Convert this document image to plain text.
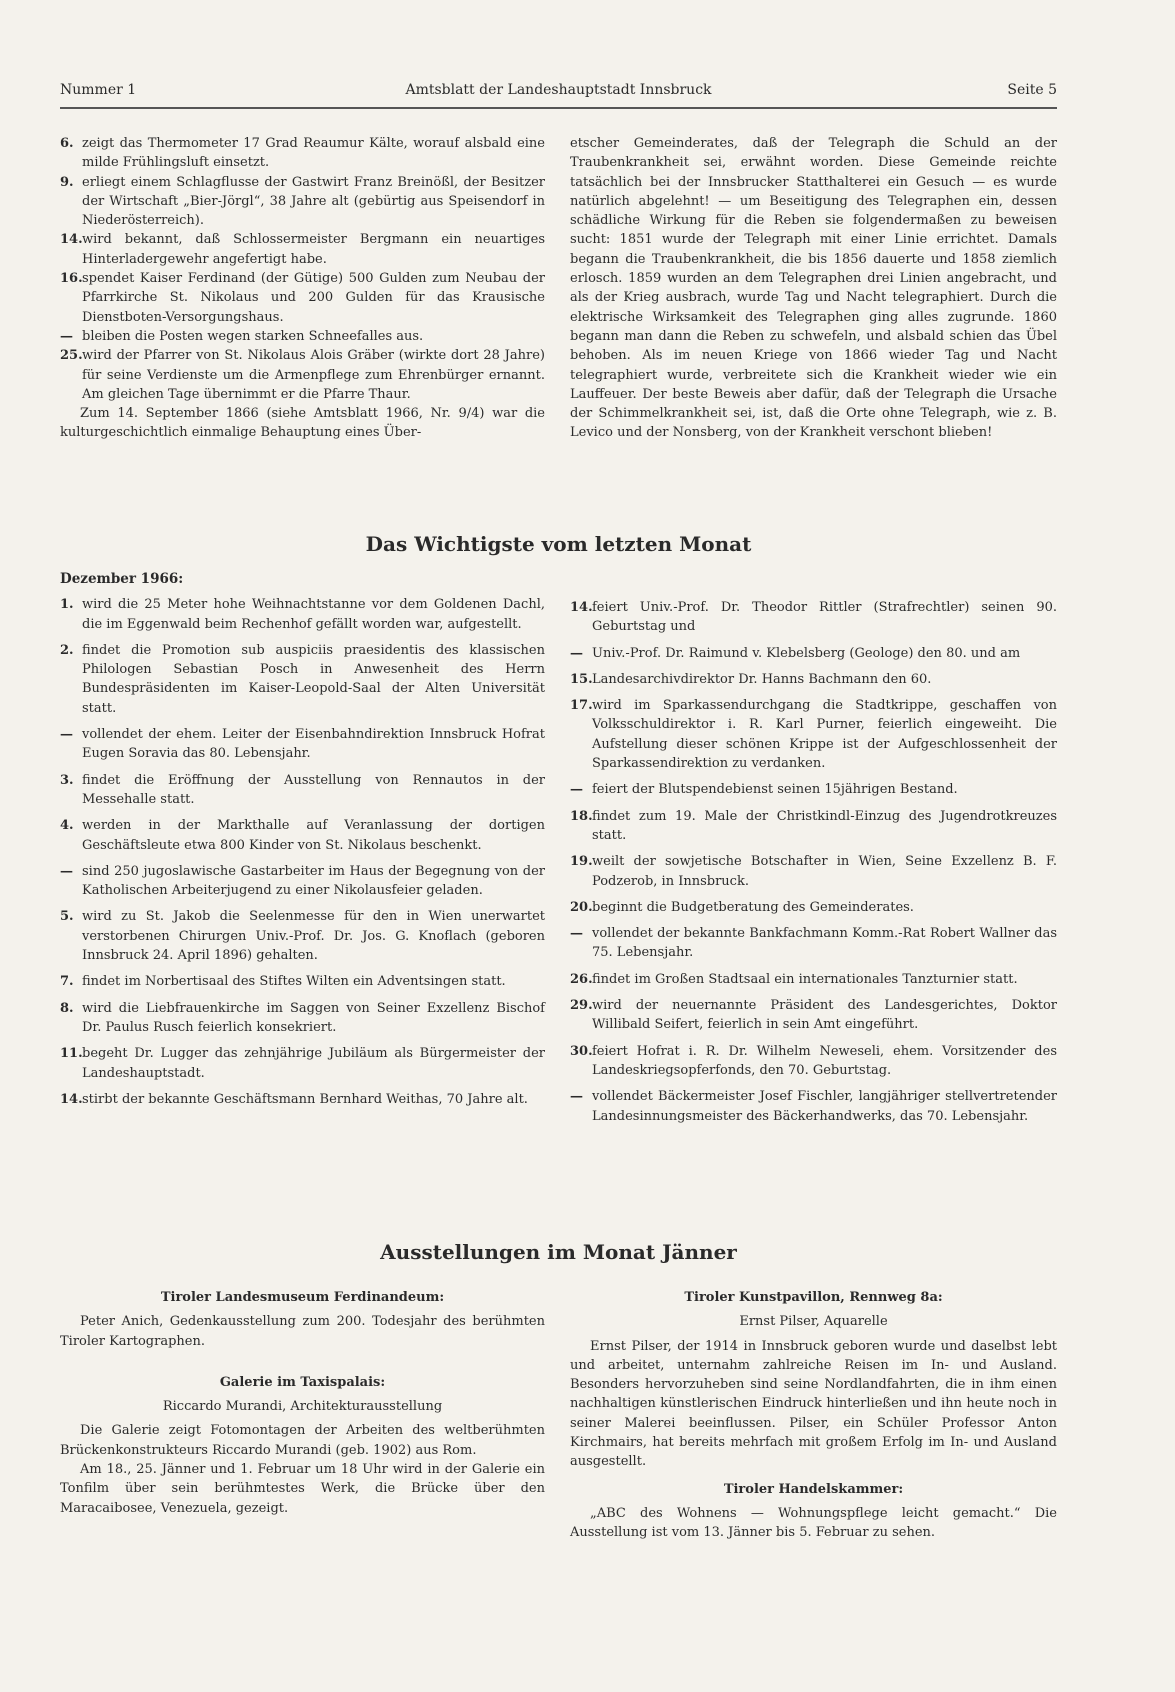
Nummer 1	Amtsblatt der Landeshauptstadt Innsbruck	Seite 5

6. zeigt das Thermometer 17 Grad Reaumur Kälte, worauf alsbald eine milde Frühlingsluft einsetzt.

9. erliegt einem Schlagflusse der Gastwirt Franz Breinößl, der Besitzer der Wirtschaft „Bier-Jörgl“, 38 Jahre alt (gebürtig aus Speisendorf in Niederösterreich).

14.wird bekannt, daß Schlossermeister Bergmann ein neuartiges Hinterladergewehr angefertigt habe.

16.spendet Kaiser Ferdinand (der Gütige) 500 Gulden zum Neubau der Pfarrkirche St. Nikolaus und 200 Gulden für das Krausische Dienstboten-Versorgungshaus.

— bleiben die Posten wegen starken Schneefalles aus.

25.wird der Pfarrer von St. Nikolaus Alois Gräber (wirkte dort 28 Jahre) für seine Verdienste um die Armenpflege zum Ehrenbürger ernannt. Am gleichen Tage übernimmt er die Pfarre Thaur.

Zum 14. September 1866 (siehe Amtsblatt 1966, Nr. 9/4) war die kulturgeschichtlich einmalige Behauptung eines Über-

etscher Gemeinderates, daß der Telegraph die Schuld an der Traubenkrankheit sei, erwähnt worden. Diese Gemeinde reichte tatsächlich bei der Innsbrucker Statthalterei ein Gesuch — es wurde natürlich abgelehnt! — um Beseitigung des Telegraphen ein, dessen schädliche Wirkung für die Reben sie folgendermaßen zu beweisen sucht: 1851 wurde der Telegraph mit einer Linie errichtet. Damals begann die Traubenkrankheit, die bis 1856 dauerte und 1858 ziemlich erlosch. 1859 wurden an dem Telegraphen drei Linien angebracht, und als der Krieg ausbrach, wurde Tag und Nacht telegraphiert. Durch die elektrische Wirksamkeit des Telegraphen ging alles zugrunde. 1860 begann man dann die Reben zu schwefeln, und alsbald schien das Übel behoben. Als im neuen Kriege von 1866 wieder Tag und Nacht telegraphiert wurde, verbreitete sich die Krankheit wieder wie ein Lauffeuer. Der beste Beweis aber dafür, daß der Telegraph die Ursache der Schimmelkrankheit sei, ist, daß die Orte ohne Telegraph, wie z. B. Levico und der Nonsberg, von der Krankheit verschont blieben!

Das Wichtigste vom letzten Monat

Dezember 1966:

1. wird die 25 Meter hohe Weihnachtstanne vor dem Goldenen Dachl, die im Eggenwald beim Rechenhof gefällt worden war, aufgestellt.

2. findet die Promotion sub auspiciis praesidentis des klassischen Philologen Sebastian Posch in Anwesenheit des Herrn Bundespräsidenten im Kaiser-Leopold-Saal der Alten Universität statt.

— vollendet der ehem. Leiter der Eisenbahndirektion Innsbruck Hofrat Eugen Soravia das 80. Lebensjahr.

3. findet die Eröffnung der Ausstellung von Rennautos in der Messehalle statt.

4. werden in der Markthalle auf Veranlassung der dortigen Geschäftsleute etwa 800 Kinder von St. Nikolaus beschenkt.

— sind 250 jugoslawische Gastarbeiter im Haus der Begegnung von der Katholischen Arbeiterjugend zu einer Nikolausfeier geladen.

5. wird zu St. Jakob die Seelenmesse für den in Wien unerwartet verstorbenen Chirurgen Univ.-Prof. Dr. Jos. G. Knoflach (geboren Innsbruck 24. April 1896) gehalten.

7. findet im Norbertisaal des Stiftes Wilten ein Adventsingen statt.

8. wird die Liebfrauenkirche im Saggen von Seiner Exzellenz Bischof Dr. Paulus Rusch feierlich konsekriert.

11.begeht Dr. Lugger das zehnjährige Jubiläum als Bürgermeister der Landeshauptstadt.

14.stirbt der bekannte Geschäftsmann Bernhard Weithas, 70 Jahre alt.

14.feiert Univ.-Prof. Dr. Theodor Rittler (Strafrechtler) seinen 90. Geburtstag und

— Univ.-Prof. Dr. Raimund v. Klebelsberg (Geologe) den 80. und am

15.Landesarchivdirektor Dr. Hanns Bachmann den 60.

17.wird im Sparkassendurchgang die Stadtkrippe, geschaffen von Volksschuldirektor i. R. Karl Purner, feierlich eingeweiht. Die Aufstellung dieser schönen Krippe ist der Aufgeschlossenheit der Sparkassendirektion zu verdanken.

— feiert der Blutspendebienst seinen 15jährigen Bestand.

18.findet zum 19. Male der Christkindl-Einzug des Jugendrotkreuzes statt.

19.weilt der sowjetische Botschafter in Wien, Seine Exzellenz B. F. Podzerob, in Innsbruck.

20.beginnt die Budgetberatung des Gemeinderates.

— vollendet der bekannte Bankfachmann Komm.-Rat Robert Wallner das 75. Lebensjahr.

26.findet im Großen Stadtsaal ein internationales Tanzturnier statt.

29.wird der neuernannte Präsident des Landesgerichtes, Doktor Willibald Seifert, feierlich in sein Amt eingeführt.

30.feiert Hofrat i. R. Dr. Wilhelm Neweseli, ehem. Vorsitzender des Landeskriegsopferfonds, den 70. Geburtstag.

— vollendet Bäckermeister Josef Fischler, langjähriger stellvertretender Landesinnungsmeister des Bäckerhandwerks, das 70. Lebensjahr.

Ausstellungen im Monat Jänner

Tiroler Landesmuseum Ferdinandeum:

Peter Anich, Gedenkausstellung zum 200. Todesjahr des berühmten Tiroler Kartographen.

Galerie im Taxispalais:

Riccardo Murandi, Architekturausstellung

Die Galerie zeigt Fotomontagen der Arbeiten des weltberühmten Brückenkonstrukteurs Riccardo Murandi (geb. 1902) aus Rom.

Am 18., 25. Jänner und 1. Februar um 18 Uhr wird in der Galerie ein Tonfilm über sein berühmtestes Werk, die Brücke über den Maracaibosee, Venezuela, gezeigt.

Tiroler Kunstpavillon, Rennweg 8a:

Ernst Pilser, Aquarelle

Ernst Pilser, der 1914 in Innsbruck geboren wurde und daselbst lebt und arbeitet, unternahm zahlreiche Reisen im In- und Ausland. Besonders hervorzuheben sind seine Nordlandfahrten, die in ihm einen nachhaltigen künstlerischen Eindruck hinterließen und ihn heute noch in seiner Malerei beeinflussen. Pilser, ein Schüler Professor Anton Kirchmairs, hat bereits mehrfach mit großem Erfolg im In- und Ausland ausgestellt.

Tiroler Handelskammer:

„ABC des Wohnens — Wohnungspflege leicht gemacht.“ Die Ausstellung ist vom 13. Jänner bis 5. Februar zu sehen.
